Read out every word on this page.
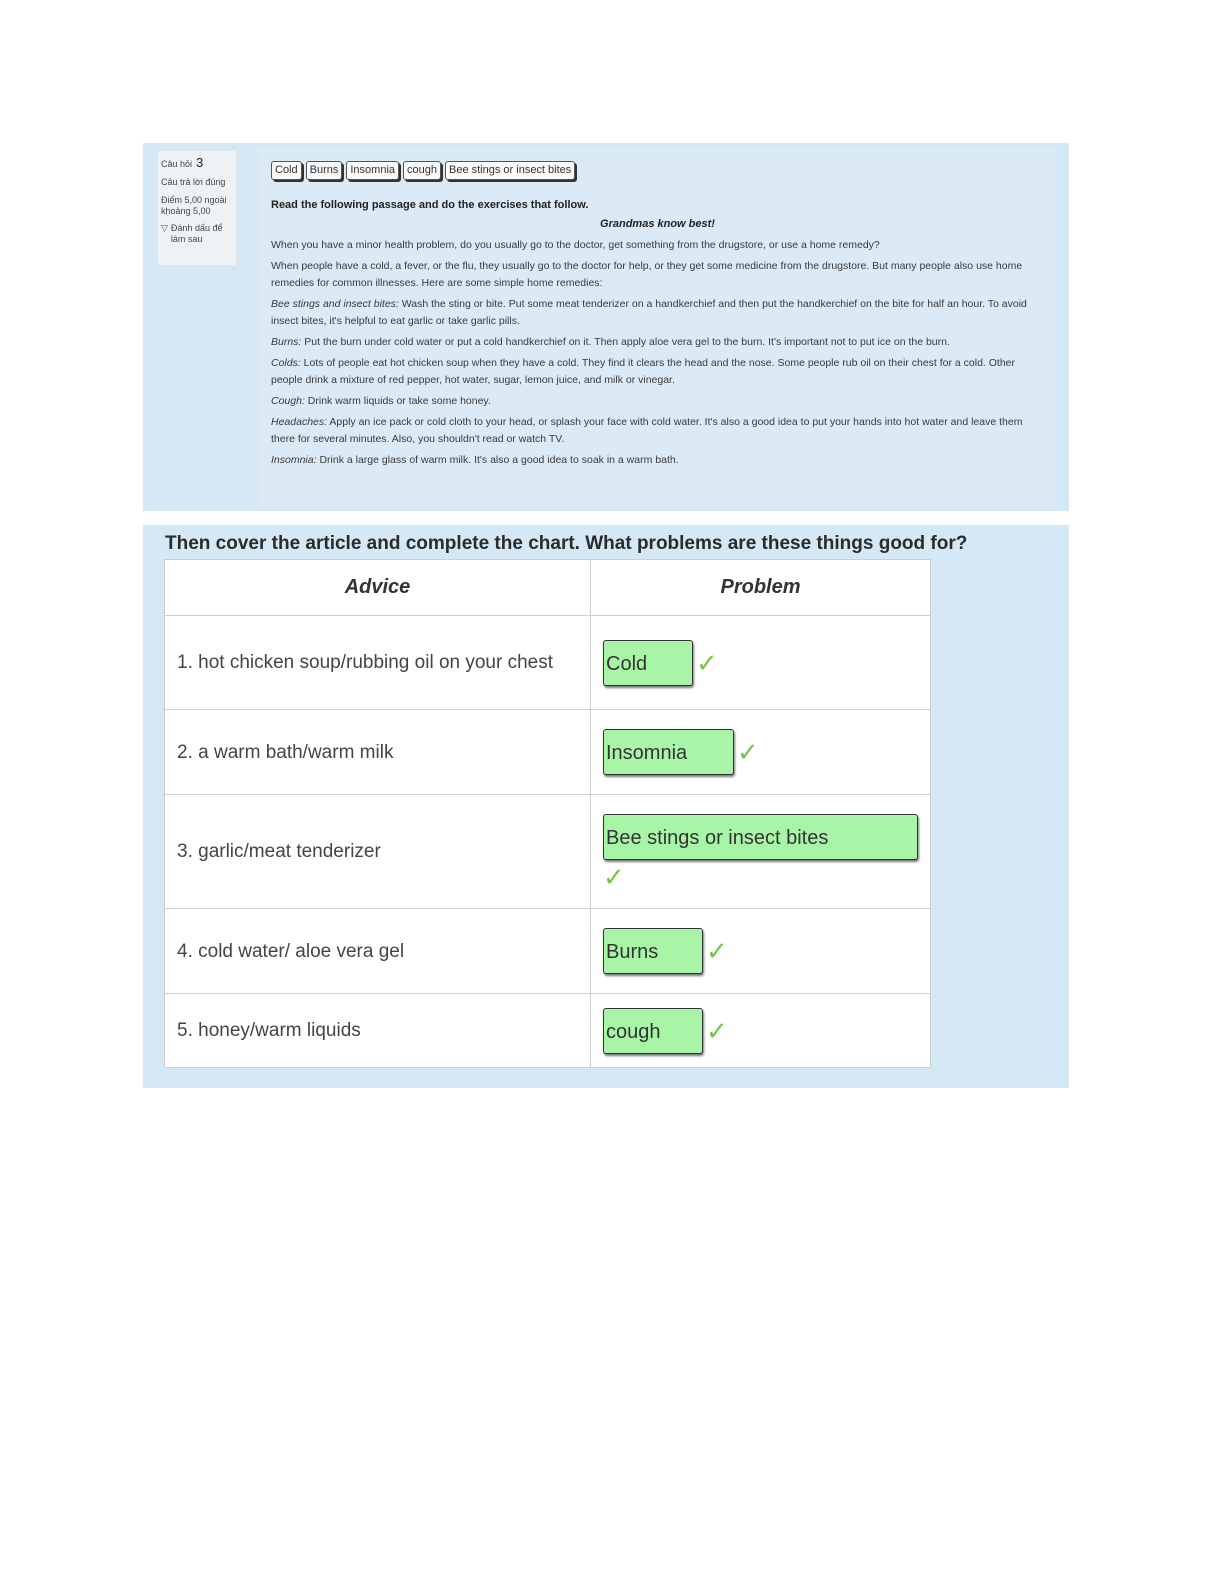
Câu hỏi 3
Câu trả lời đúng
Điểm 5,00 ngoài khoảng 5,00
▽ Đánh dấu để làm sau
Cold	Burns	Insomnia	cough	Bee stings or insect bites
Read the following passage and do the exercises that follow.
Grandmas know best!
When you have a minor health problem, do you usually go to the doctor, get something from the drugstore, or use a home remedy?
When people have a cold, a fever, or the flu, they usually go to the doctor for help, or they get some medicine from the drugstore. But many people also use home remedies for common illnesses. Here are some simple home remedies:
Bee stings and insect bites: Wash the sting or bite. Put some meat tenderizer on a handkerchief and then put the handkerchief on the bite for half an hour. To avoid insect bites, it's helpful to eat garlic or take garlic pills.
Burns: Put the burn under cold water or put a cold handkerchief on it. Then apply aloe vera gel to the burn. It's important not to put ice on the burn.
Colds: Lots of people eat hot chicken soup when they have a cold. They find it clears the head and the nose. Some people rub oil on their chest for a cold. Other people drink a mixture of red pepper, hot water, sugar, lemon juice, and milk or vinegar.
Cough: Drink warm liquids or take some honey.
Headaches: Apply an ice pack or cold cloth to your head, or splash your face with cold water. It's also a good idea to put your hands into hot water and leave them there for several minutes. Also, you shouldn't read or watch TV.
Insomnia: Drink a large glass of warm milk. It's also a good idea to soak in a warm bath.
Then cover the article and complete the chart. What problems are these things good for?
Advice	Problem
1. hot chicken soup/rubbing oil on your chest	Cold ✓

2. a warm bath/warm milk	Insomnia ✓

3. garlic/meat tenderizer	Bee stings or insect bites
✓

4. cold water/ aloe vera gel	Burns ✓

5. honey/warm liquids	cough ✓
